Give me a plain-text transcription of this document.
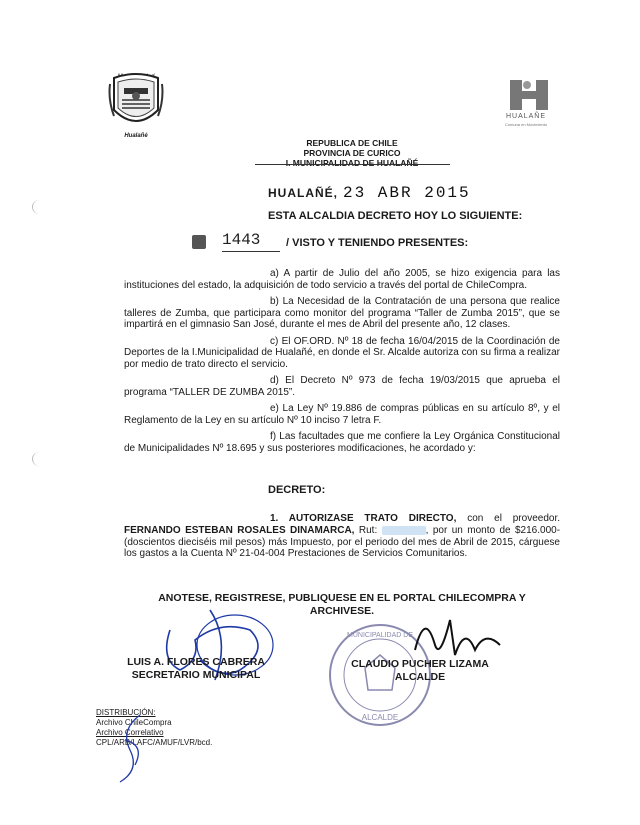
Hualañé
HUALAÑE
Comuna en Movimiento
REPUBLICA DE CHILE
PROVINCIA DE CURICO
I. MUNICIPALIDAD DE HUALAÑÉ
HUALAÑÉ, 23 ABR 2015
ESTA ALCALDIA DECRETO HOY LO SIGUIENTE:
1443 / VISTO Y TENIENDO PRESENTES:

a) A partir de Julio del año 2005, se hizo exigencia para las instituciones del estado, la adquisición de todo servicio a través del portal de ChileCompra.

b) La Necesidad de la Contratación de una persona que realice talleres de Zumba, que participara como monitor del programa “Taller de Zumba 2015”, que se impartirá en el gimnasio San José, durante el mes de Abril del presente año, 12 clases.

c) El OF.ORD. Nº 18 de fecha 16/04/2015 de la Coordinación de Deportes de la I.Municipalidad de Hualañé, en donde el Sr. Alcalde autoriza con su firma a realizar por medio de trato directo el servicio.

d) El Decreto Nº 973 de fecha 19/03/2015 que aprueba el programa “TALLER DE ZUMBA 2015”.

e) La Ley Nº 19.886 de compras públicas en su artículo 8º, y el Reglamento de la Ley en su artículo Nº 10 inciso 7 letra F.

f) Las facultades que me confiere la Ley Orgánica Constitucional de Municipalidades Nº 18.695 y sus posteriores modificaciones, he acordado y:

DECRETO:
1. AUTORIZASE TRATO DIRECTO, con el proveedor. FERNANDO ESTEBAN ROSALES DINAMARCA, Rut:	, por un monto de $216.000- (doscientos dieciséis mil pesos) más Impuesto, por el periodo del mes de Abril de 2015, cárguese los gastos a la Cuenta Nº 21-04-004 Prestaciones de Servicios Comunitarios.
ANOTESE, REGISTRESE, PUBLIQUESE EN EL PORTAL CHILECOMPRA Y
ARCHIVESE.
MUNICIPALIDAD DE
ALCALDE
LUIS A. FLORES CABRERA
SECRETARIO MUNICIPAL
CLAUDIO PUCHER LIZAMA
ALCALDE
DISTRIBUCIÓN:
Archivo ChileCompra
Archivo Correlativo
CPL/ARB/LAFC/AMUF/LVR/bcd.
